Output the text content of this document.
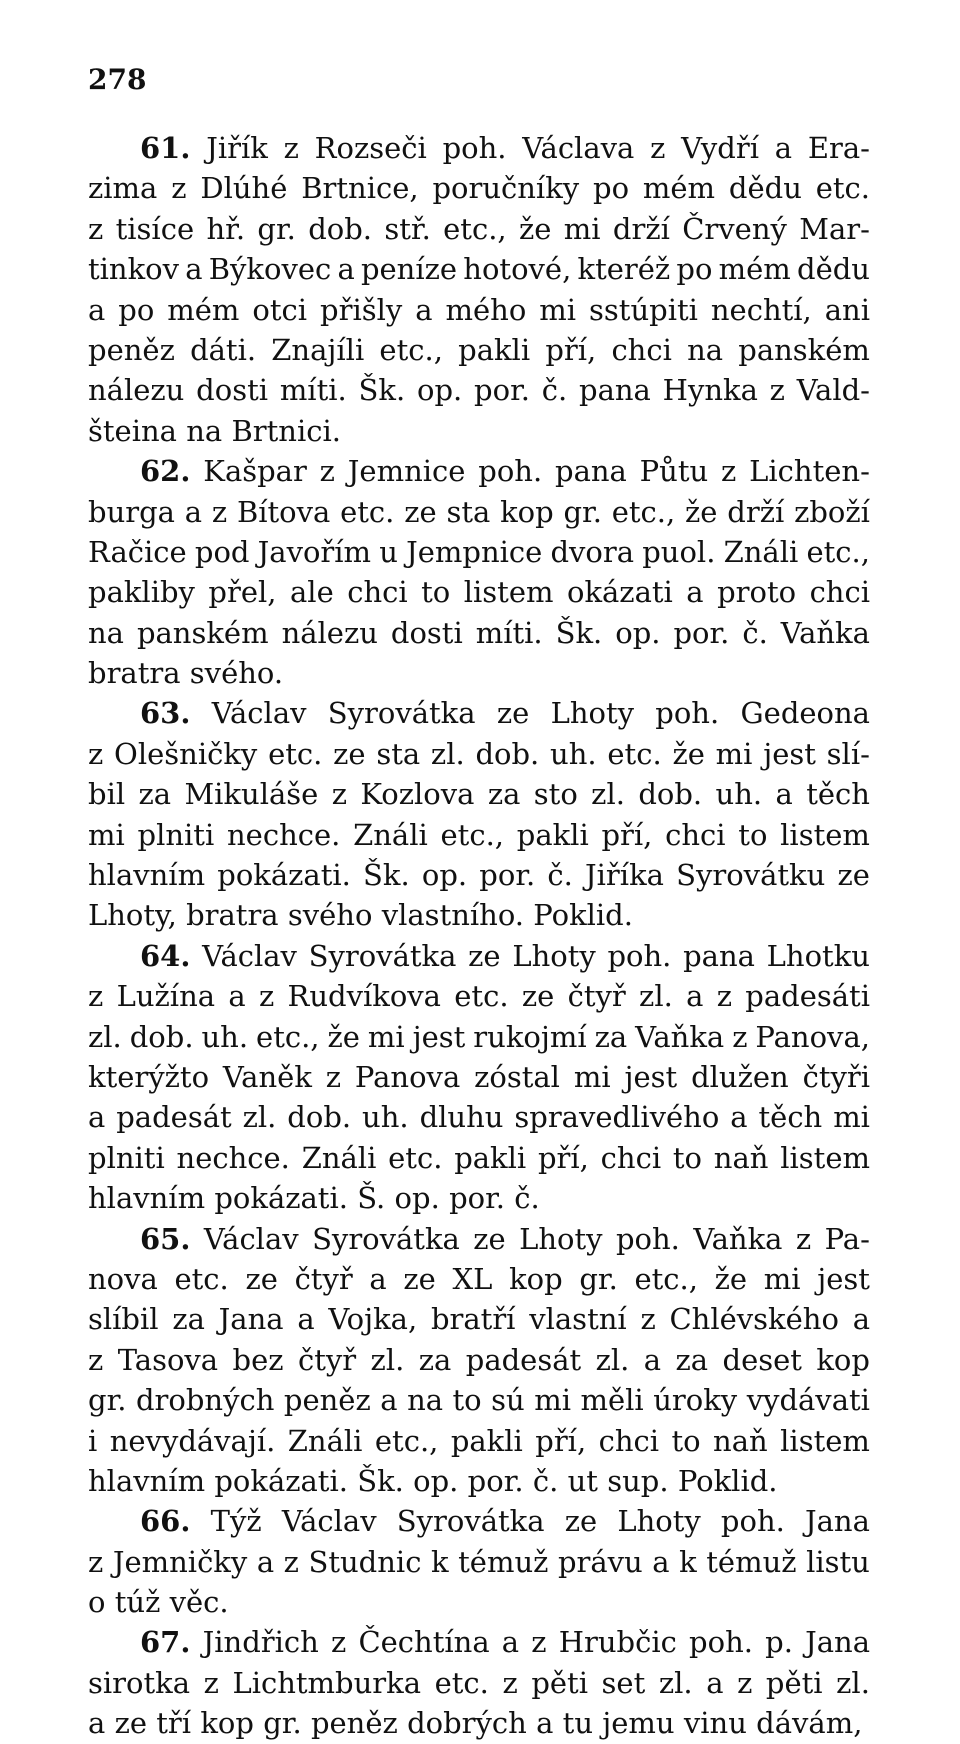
278
61. Jiřík z Rozseči poh. Václava z Vydří a Era-
zima z Dlúhé Brtnice, poručníky po mém dědu etc.
z tisíce hř. gr. dob. stř. etc., že mi drží Črvený Mar-
tinkov a Býkovec a peníze hotové, kteréž po mém dědu
a po mém otci přišly a mého mi sstúpiti nechtí, ani
peněz dáti. Znajíli etc., pakli pří, chci na panském
nálezu dosti míti. Šk. op. por. č. pana Hynka z Vald-
šteina na Brtnici.
62. Kašpar z Jemnice poh. pana Půtu z Lichten-
burga a z Bítova etc. ze sta kop gr. etc., že drží zboží
Račice pod Javořím u Jempnice dvora puol. Ználi etc.,
pakliby přel, ale chci to listem okázati a proto chci
na panském nálezu dosti míti. Šk. op. por. č. Vaňka
bratra svého.
63. Václav Syrovátka ze Lhoty poh. Gedeona
z Olešničky etc. ze sta zl. dob. uh. etc. že mi jest slí-
bil za Mikuláše z Kozlova za sto zl. dob. uh. a těch
mi plniti nechce. Ználi etc., pakli pří, chci to listem
hlavním pokázati. Šk. op. por. č. Jiříka Syrovátku ze
Lhoty, bratra svého vlastního. Poklid.
64. Václav Syrovátka ze Lhoty poh. pana Lhotku
z Lužína a z Rudvíkova etc. ze čtyř zl. a z padesáti
zl. dob. uh. etc., že mi jest rukojmí za Vaňka z Panova,
kterýžto Vaněk z Panova zóstal mi jest dlužen čtyři
a padesát zl. dob. uh. dluhu spravedlivého a těch mi
plniti nechce. Ználi etc. pakli pří, chci to naň listem
hlavním pokázati. Š. op. por. č.
65. Václav Syrovátka ze Lhoty poh. Vaňka z Pa-
nova etc. ze čtyř a ze XL kop gr. etc., že mi jest
slíbil za Jana a Vojka, bratří vlastní z Chlévského a
z Tasova bez čtyř zl. za padesát zl. a za deset kop
gr. drobných peněz a na to sú mi měli úroky vydávati
i nevydávají. Ználi etc., pakli pří, chci to naň listem
hlavním pokázati. Šk. op. por. č. ut sup. Poklid.
66. Týž Václav Syrovátka ze Lhoty poh. Jana
z Jemničky a z Studnic k témuž právu a k témuž listu
o túž věc.
67. Jindřich z Čechtína a z Hrubčic poh. p. Jana
sirotka z Lichtmburka etc. z pěti set zl. a z pěti zl.
a ze tří kop gr. peněz dobrých a tu jemu vinu dávám,
